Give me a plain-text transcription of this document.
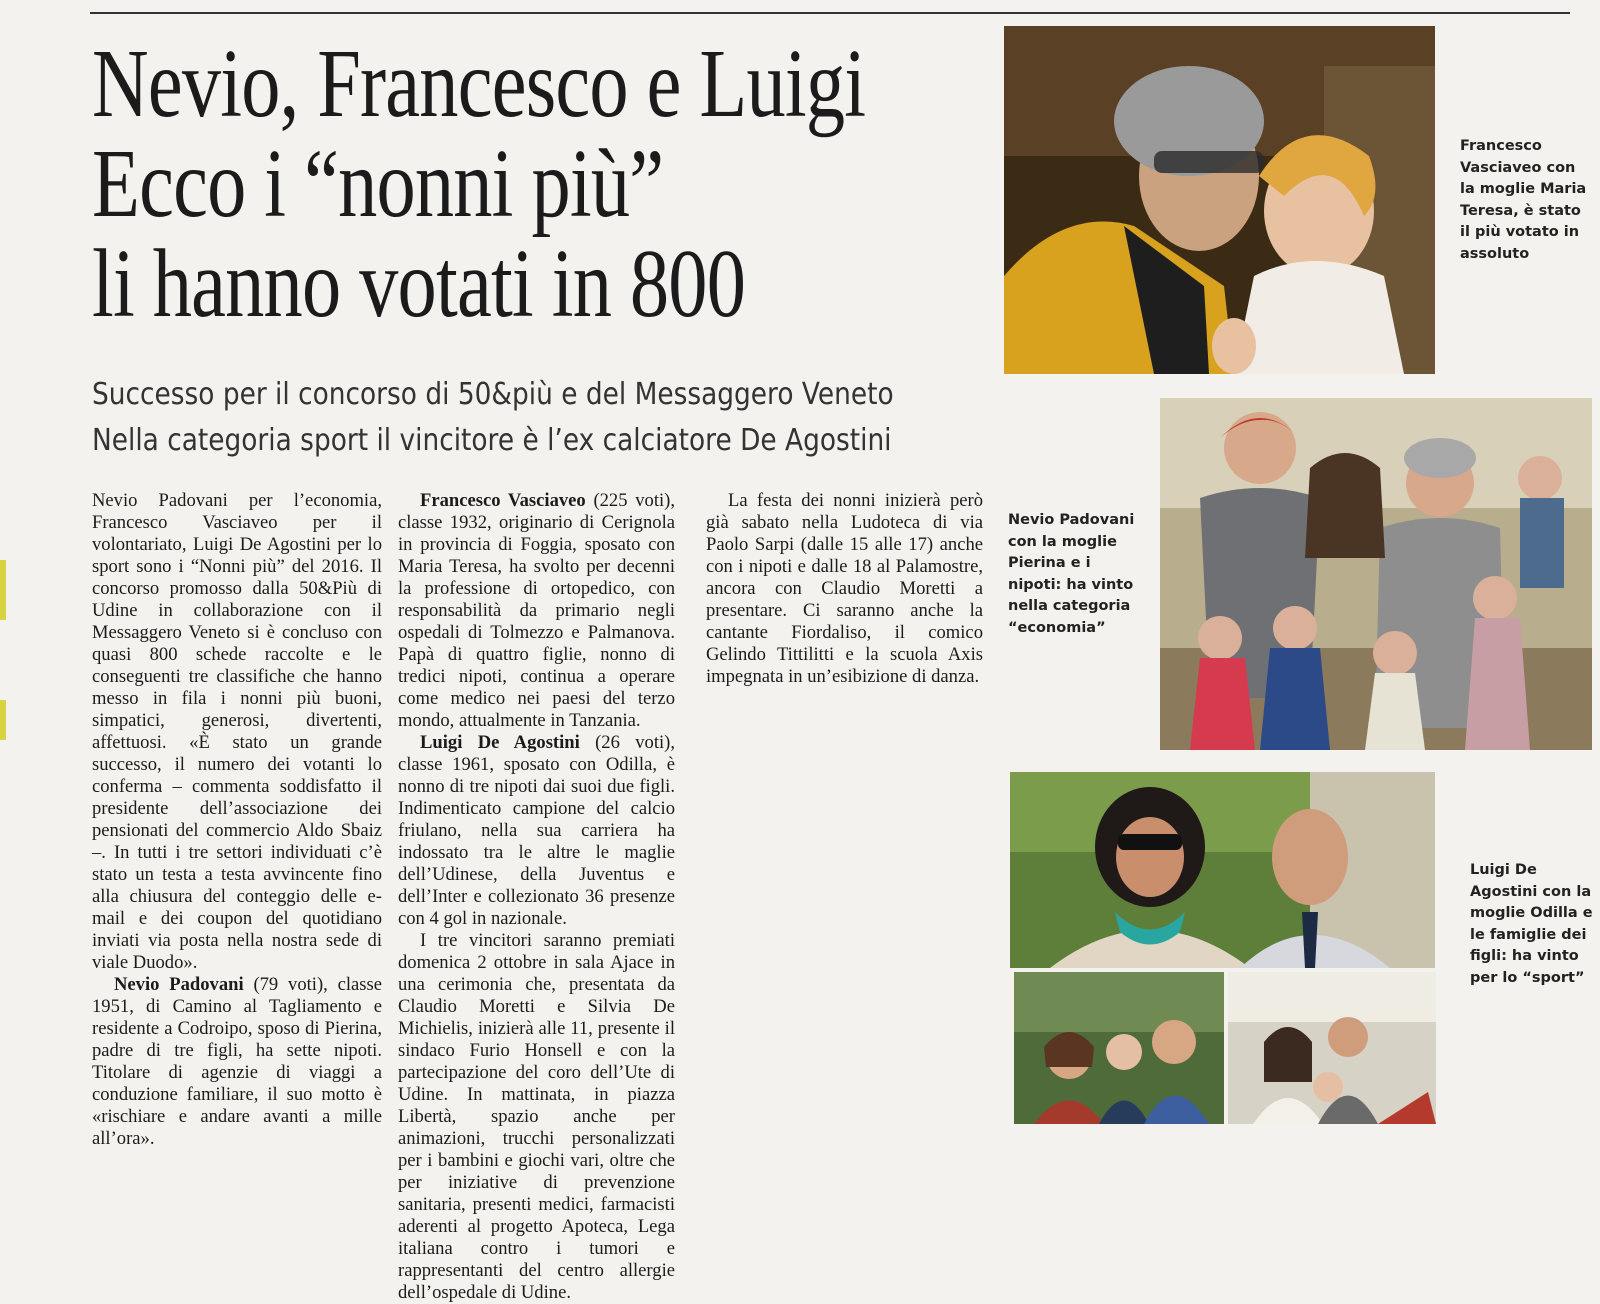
Nevio, Francesco e Luigi
Ecco i “nonni più”
li hanno votati in 800
Successo per il concorso di 50&più e del Messaggero Veneto
Nella categoria sport il vincitore è l’ex calciatore De Agostini

Nevio Padovani per l’economia, Francesco Vasciaveo per il volontariato, Luigi De Agostini per lo sport sono i “Nonni più” del 2016. Il concorso promosso dalla 50&Più di Udine in collaborazione con il Messaggero Veneto si è concluso con quasi 800 schede raccolte e le conseguenti tre classifiche che hanno messo in fila i nonni più buoni, simpatici, generosi, divertenti, affettuosi. «È stato un grande successo, il numero dei votanti lo conferma – commenta soddisfatto il presidente dell’associazione dei pensionati del commercio Aldo Sbaiz –. In tutti i tre settori individuati c’è stato un testa a testa avvincente fino alla chiusura del conteggio delle e-mail e dei coupon del quotidiano inviati via posta nella nostra sede di viale Duodo».

Nevio Padovani (79 voti), classe 1951, di Camino al Tagliamento e residente a Codroipo, sposo di Pierina, padre di tre figli, ha sette nipoti. Titolare di agenzie di viaggi a conduzione familiare, il suo motto è «rischiare e andare avanti a mille all’ora».

Francesco Vasciaveo (225 voti), classe 1932, originario di Cerignola in provincia di Foggia, sposato con Maria Teresa, ha svolto per decenni la professione di ortopedico, con responsabilità da primario negli ospedali di Tolmezzo e Palmanova. Papà di quattro figlie, nonno di tredici nipoti, continua a operare come medico nei paesi del terzo mondo, attualmente in Tanzania.

Luigi De Agostini (26 voti), classe 1961, sposato con Odilla, è nonno di tre nipoti dai suoi due figli. Indimenticato campione del calcio friulano, nella sua carriera ha indossato tra le altre le maglie dell’Udinese, della Juventus e dell’Inter e collezionato 36 presenze con 4 gol in nazionale.

I tre vincitori saranno premiati domenica 2 ottobre in sala Ajace in una cerimonia che, presentata da Claudio Moretti e Silvia De Michielis, inizierà alle 11, presente il sindaco Furio Honsell e con la partecipazione del coro dell’Ute di Udine. In mattinata, in piazza Libertà, spazio anche per animazioni, trucchi personalizzati per i bambini e giochi vari, oltre che per iniziative di prevenzione sanitaria, presenti medici, farmacisti aderenti al progetto Apoteca, Lega italiana contro i tumori e rappresentanti del centro allergie dell’ospedale di Udine.

La festa dei nonni inizierà però già sabato nella Ludoteca di via Paolo Sarpi (dalle 15 alle 17) anche con i nipoti e dalle 18 al Palamostre, ancora con Claudio Moretti a presentare. Ci saranno anche la cantante Fiordaliso, il comico Gelindo Tittilitti e la scuola Axis impegnata in un’esibizione di danza.

Francesco
Vasciaveo con
la moglie Maria
Teresa, è stato
il più votato in
assoluto
Nevio Padovani
con la moglie
Pierina e i
nipoti: ha vinto
nella categoria
“economia”
Luigi De
Agostini con la
moglie Odilla e
le famiglie dei
figli: ha vinto
per lo “sport”
